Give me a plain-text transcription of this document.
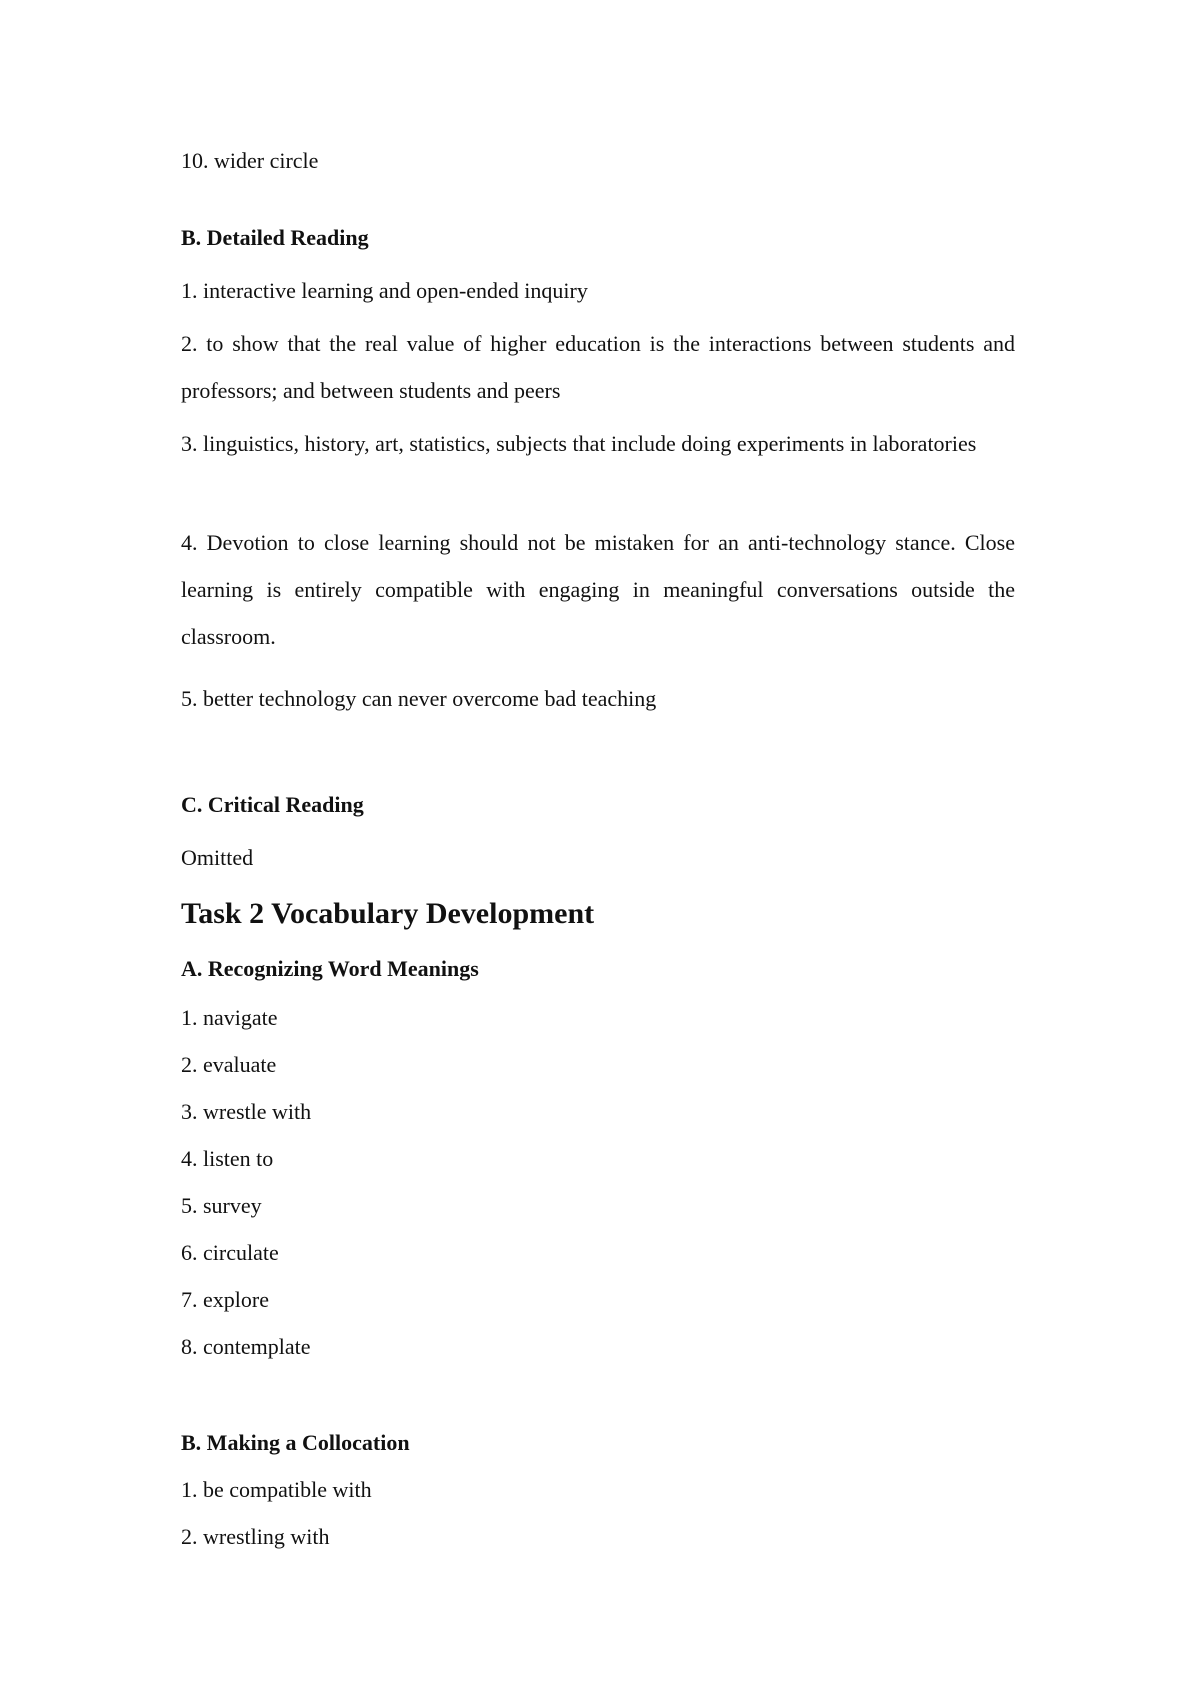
10. wider circle
B. Detailed Reading
1. interactive learning and open-ended inquiry
2. to show that the real value of higher education is the interactions between students and professors; and between students and peers
3. linguistics, history, art, statistics, subjects that include doing experiments in laboratories
4. Devotion to close learning should not be mistaken for an anti-technology stance. Close learning is entirely compatible with engaging in meaningful conversations outside the classroom.
5. better technology can never overcome bad teaching
C. Critical Reading
Omitted
Task 2 Vocabulary Development
A. Recognizing Word Meanings
1. navigate
2. evaluate
3. wrestle with
4. listen to
5. survey
6. circulate
7. explore
8. contemplate
B. Making a Collocation
1. be compatible with
2. wrestling with
